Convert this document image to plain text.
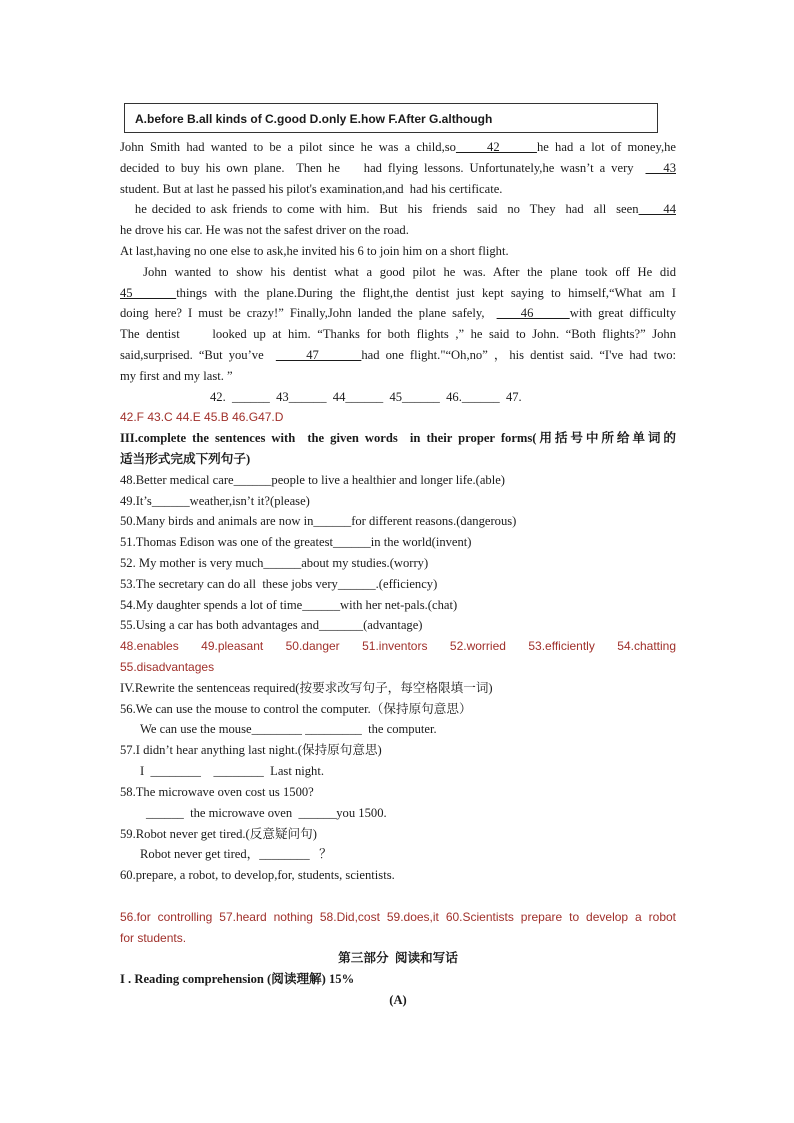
A.before B.all kinds of C.good D.only E.how F.After G.although
John Smith had wanted to be a pilot since he was a child,so     42      he had a lot of money,he
decided to buy his own plane.  Then he    had flying lessons. Unfortunately,he wasn’t a very     43
student. But at last he passed his pilot's examination,and  had his certificate.
he decided to ask friends to come with him.  But  his  friends  said  no  They  had  all  seen     44
he drove his car. He was not the safest driver on the road.
At last,having no one else to ask,he invited his 6 to join him on a short flight.
John wanted to show his dentist what a good pilot he was. After the plane took off He did
45      things with the plane.During the flight,the dentist just kept saying to himself,“What am I
doing here? I must be crazy!” Finally,John landed the plane safely,      46      with great difficulty
The dentist     looked up at him. “Thanks for both flights ,” he said to John. “Both flights?” John
said,surprised. “But you’ve       47       had one flight."“Oh,no” ，his dentist said. “I've had two:
my first and my last. ”
42.  ______  43______  44______  45______  46.______  47.
42.F 43.C 44.E 45.B 46.G47.D
III.complete the sentences with  the given words  in their proper forms(用括号中所给单词的
适当形式完成下列句子)
48.Better medical care______people to live a healthier and longer life.(able)
49.It’s______weather,isn’t it?(please)
50.Many birds and animals are now in______for different reasons.(dangerous)
51.Thomas Edison was one of the greatest______in the world(invent)
52. My mother is very much______about my studies.(worry)
53.The secretary can do all  these jobs very______.(efficiency)
54.My daughter spends a lot of time______with her net-pals.(chat)
55.Using a car has both advantages and_______(advantage)
48.enables     49.pleasant     50.danger     51.inventors     52.worried     53.efficiently     54.chatting
55.disadvantages
IV.Rewrite the sentenceas required(按要求改写句子，每空格限填一词)
56.We can use the mouse to control the computer.（保持原句意思）
We can use the mouse________ _________  the computer.
57.I didn’t hear anything last night.(保持原句意思)
I  ________    ________  Last night.
58.The microwave oven cost us 1500?
______  the microwave oven  ______you 1500.
59.Robot never get tired.(反意疑问句)
Robot never get tired，________   ？
60.prepare, a robot, to develop,for, students, scientists.
56.for controlling 57.heard nothing 58.Did,cost 59.does,it 60.Scientists prepare to develop a robot
for students.
第三部分  阅读和写话
I . Reading comprehension (阅读理解) 15%
(A)
